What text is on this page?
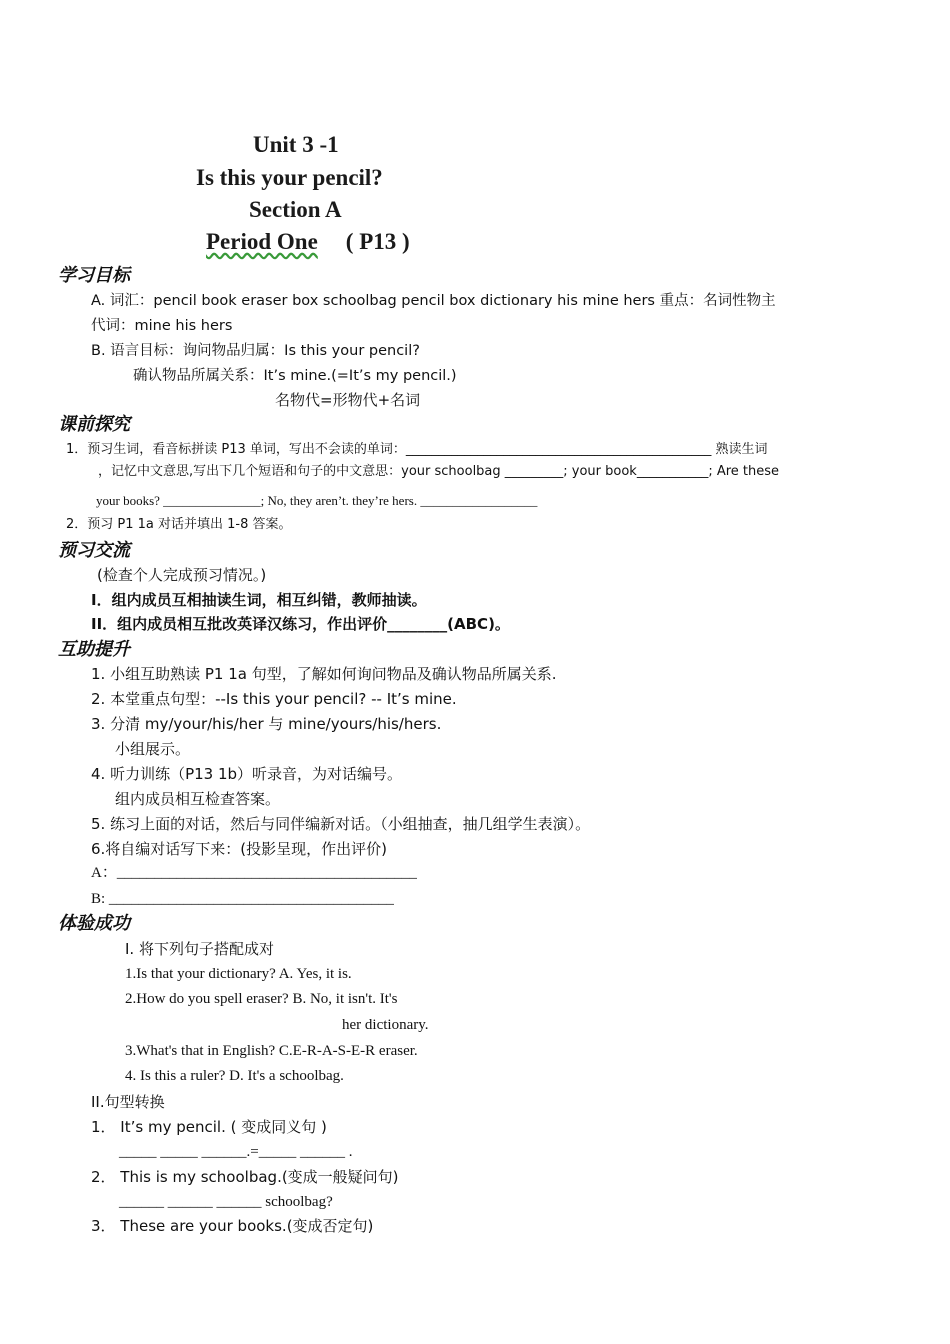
Unit 3 -1
Is this your pencil?
Section A
Period One ( P13 )
学习目标
A. 词汇：pencil book eraser box schoolbag pencil box dictionary his mine hers 重点：名词性物主
代词：mine his hers
B. 语言目标：询问物品归属：Is this your pencil?
确认物品所属关系：It’s mine.(=It’s my pencil.)
名物代=形物代+名词
课前探究
1．预习生词，看音标拼读 P13 单词，写出不会读的单词：_______________________________________________ 熟读生词
，记忆中文意思,写出下几个短语和句子的中文意思：your schoolbag _________; your book___________; Are these
your books? _______________; No, they aren’t. they’re hers. __________________
2．预习 P1 1a 对话并填出 1-8 答案。
预习交流
(检查个人完成预习情况。)
I．组内成员互相抽读生词，相互纠错，教师抽读。
II．组内成员相互批改英译汉练习，作出评价________(ABC)。
互助提升
1. 小组互助熟读 P1 1a 句型，了解如何询问物品及确认物品所属关系.
2. 本堂重点句型：--Is this your pencil? -- It’s mine.
3. 分清 my/your/his/her 与 mine/yours/his/hers.
小组展示。
4. 听力训练（P13 1b）听录音，为对话编号。
组内成员相互检查答案。
5. 练习上面的对话，然后与同伴编新对话。（小组抽查，抽几组学生表演）。
6.将自编对话写下来：(投影呈现，作出评价)
A：________________________________________
B: ______________________________________
体验成功
I. 将下列句子搭配成对
1.Is that your dictionary? A. Yes, it is.
2.How do you spell eraser? B. No, it isn't. It's
her dictionary.
3.What's that in English? C.E-R-A-S-E-R eraser.
4. Is this a ruler? D. It's a schoolbag.
II.句型转换
1． It’s my pencil. ( 变成同义句 )
_____ _____ ______.=_____ ______ .
2． This is my schoolbag.(变成一般疑问句)
______ ______ ______ schoolbag?
3． These are your books.(变成否定句)
